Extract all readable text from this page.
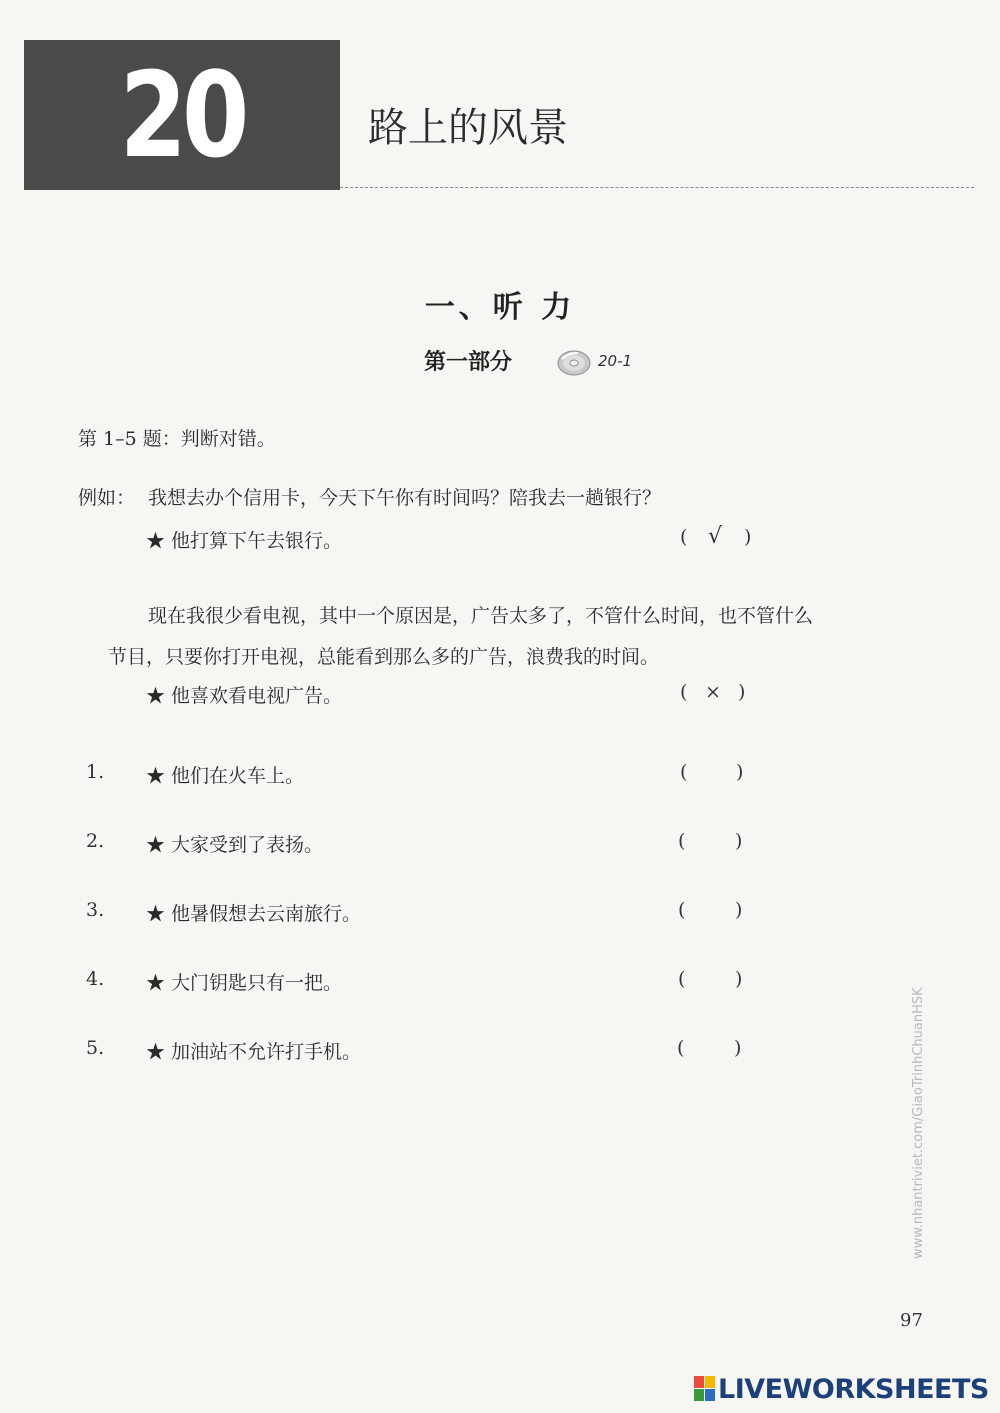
20	路上的风景
一、听 力
第一部分	20-1
第 1–5 题：判断对错。
例如： 我想去办个信用卡，今天下午你有时间吗？陪我去一趟银行？
★ 他打算下午去银行。	( √ )
现在我很少看电视，其中一个原因是，广告太多了，不管什么时间，也不管什么
节目，只要你打开电视，总能看到那么多的广告，浪费我的时间。
★ 他喜欢看电视广告。	( × )
1. ★ 他们在火车上。	(	)
2. ★ 大家受到了表扬。	(	)
3. ★ 他暑假想去云南旅行。	(	)
4. ★ 大门钥匙只有一把。	(	)
5. ★ 加油站不允许打手机。	(	)	www.nhantriviet.com/GiaoTrinhChuanHSK
97
LIVEWORKSHEETS
